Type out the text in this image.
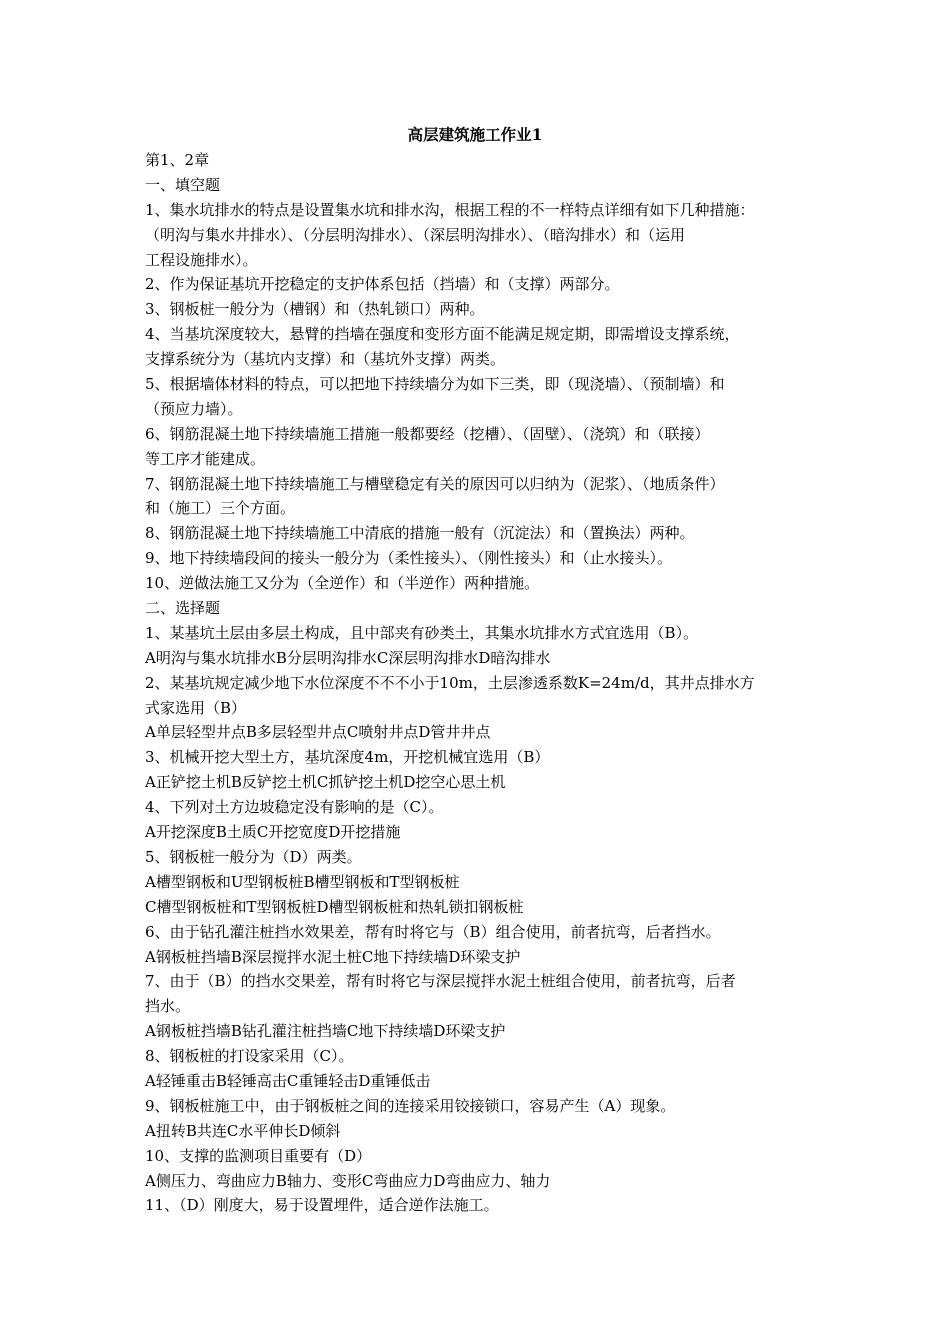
高层建筑施工作业1
第1、2章
一、填空题
1、集水坑排水的特点是设置集水坑和排水沟，根据工程的不一样特点详细有如下几种措施：
（明沟与集水井排水）、（分层明沟排水）、（深层明沟排水）、（暗沟排水）和（运用
工程设施排水）。
2、作为保证基坑开挖稳定的支护体系包括（挡墙）和（支撑）两部分。
3、钢板桩一般分为（槽钢）和（热轧锁口）两种。
4、当基坑深度较大，悬臂的挡墙在强度和变形方面不能满足规定期，即需增设支撑系统，
支撑系统分为（基坑内支撑）和（基坑外支撑）两类。
5、根据墙体材料的特点，可以把地下持续墙分为如下三类，即（现浇墙）、（预制墙）和
（预应力墙）。
6、钢筋混凝土地下持续墙施工措施一般都要经（挖槽）、（固壁）、（浇筑）和（联接）
等工序才能建成。
7、钢筋混凝土地下持续墙施工与槽壁稳定有关的原因可以归纳为（泥浆）、（地质条件）
和（施工）三个方面。
8、钢筋混凝土地下持续墙施工中清底的措施一般有（沉淀法）和（置换法）两种。
9、地下持续墙段间的接头一般分为（柔性接头）、（刚性接头）和（止水接头）。
10、逆做法施工又分为（全逆作）和（半逆作）两种措施。
二、选择题
1、某基坑土层由多层土构成，且中部夹有砂类土，其集水坑排水方式宜选用（B）。
A明沟与集水坑排水B分层明沟排水C深层明沟排水D暗沟排水
2、某基坑规定减少地下水位深度不不不小于10m，土层渗透系数K=24m/d，其井点排水方
式家选用（B）
A单层轻型井点B多层轻型井点C喷射井点D管井井点
3、机械开挖大型土方，基坑深度4m，开挖机械宜选用（B）
A正铲挖土机B反铲挖土机C抓铲挖土机D挖空心思土机
4、下列对土方边坡稳定没有影响的是（C）。
A开挖深度B土质C开挖宽度D开挖措施
5、钢板桩一般分为（D）两类。
A槽型钢板和U型钢板桩B槽型钢板和T型钢板桩
C槽型钢板桩和T型钢板桩D槽型钢板桩和热轧锁扣钢板桩
6、由于钻孔灌注桩挡水效果差，帮有时将它与（B）组合使用，前者抗弯，后者挡水。
A钢板桩挡墙B深层搅拌水泥土桩C地下持续墙D环梁支护
7、由于（B）的挡水交果差，帮有时将它与深层搅拌水泥土桩组合使用，前者抗弯，后者
挡水。
A钢板桩挡墙B钻孔灌注桩挡墙C地下持续墙D环梁支护
8、钢板桩的打设家采用（C）。
A轻锤重击B轻锤高击C重锤轻击D重锤低击
9、钢板桩施工中，由于钢板桩之间的连接采用铰接锁口，容易产生（A）现象。
A扭转B共连C水平伸长D倾斜
10、支撑的监测项目重要有（D）
A侧压力、弯曲应力B轴力、变形C弯曲应力D弯曲应力、轴力
11、（D）刚度大，易于设置埋件，适合逆作法施工。
